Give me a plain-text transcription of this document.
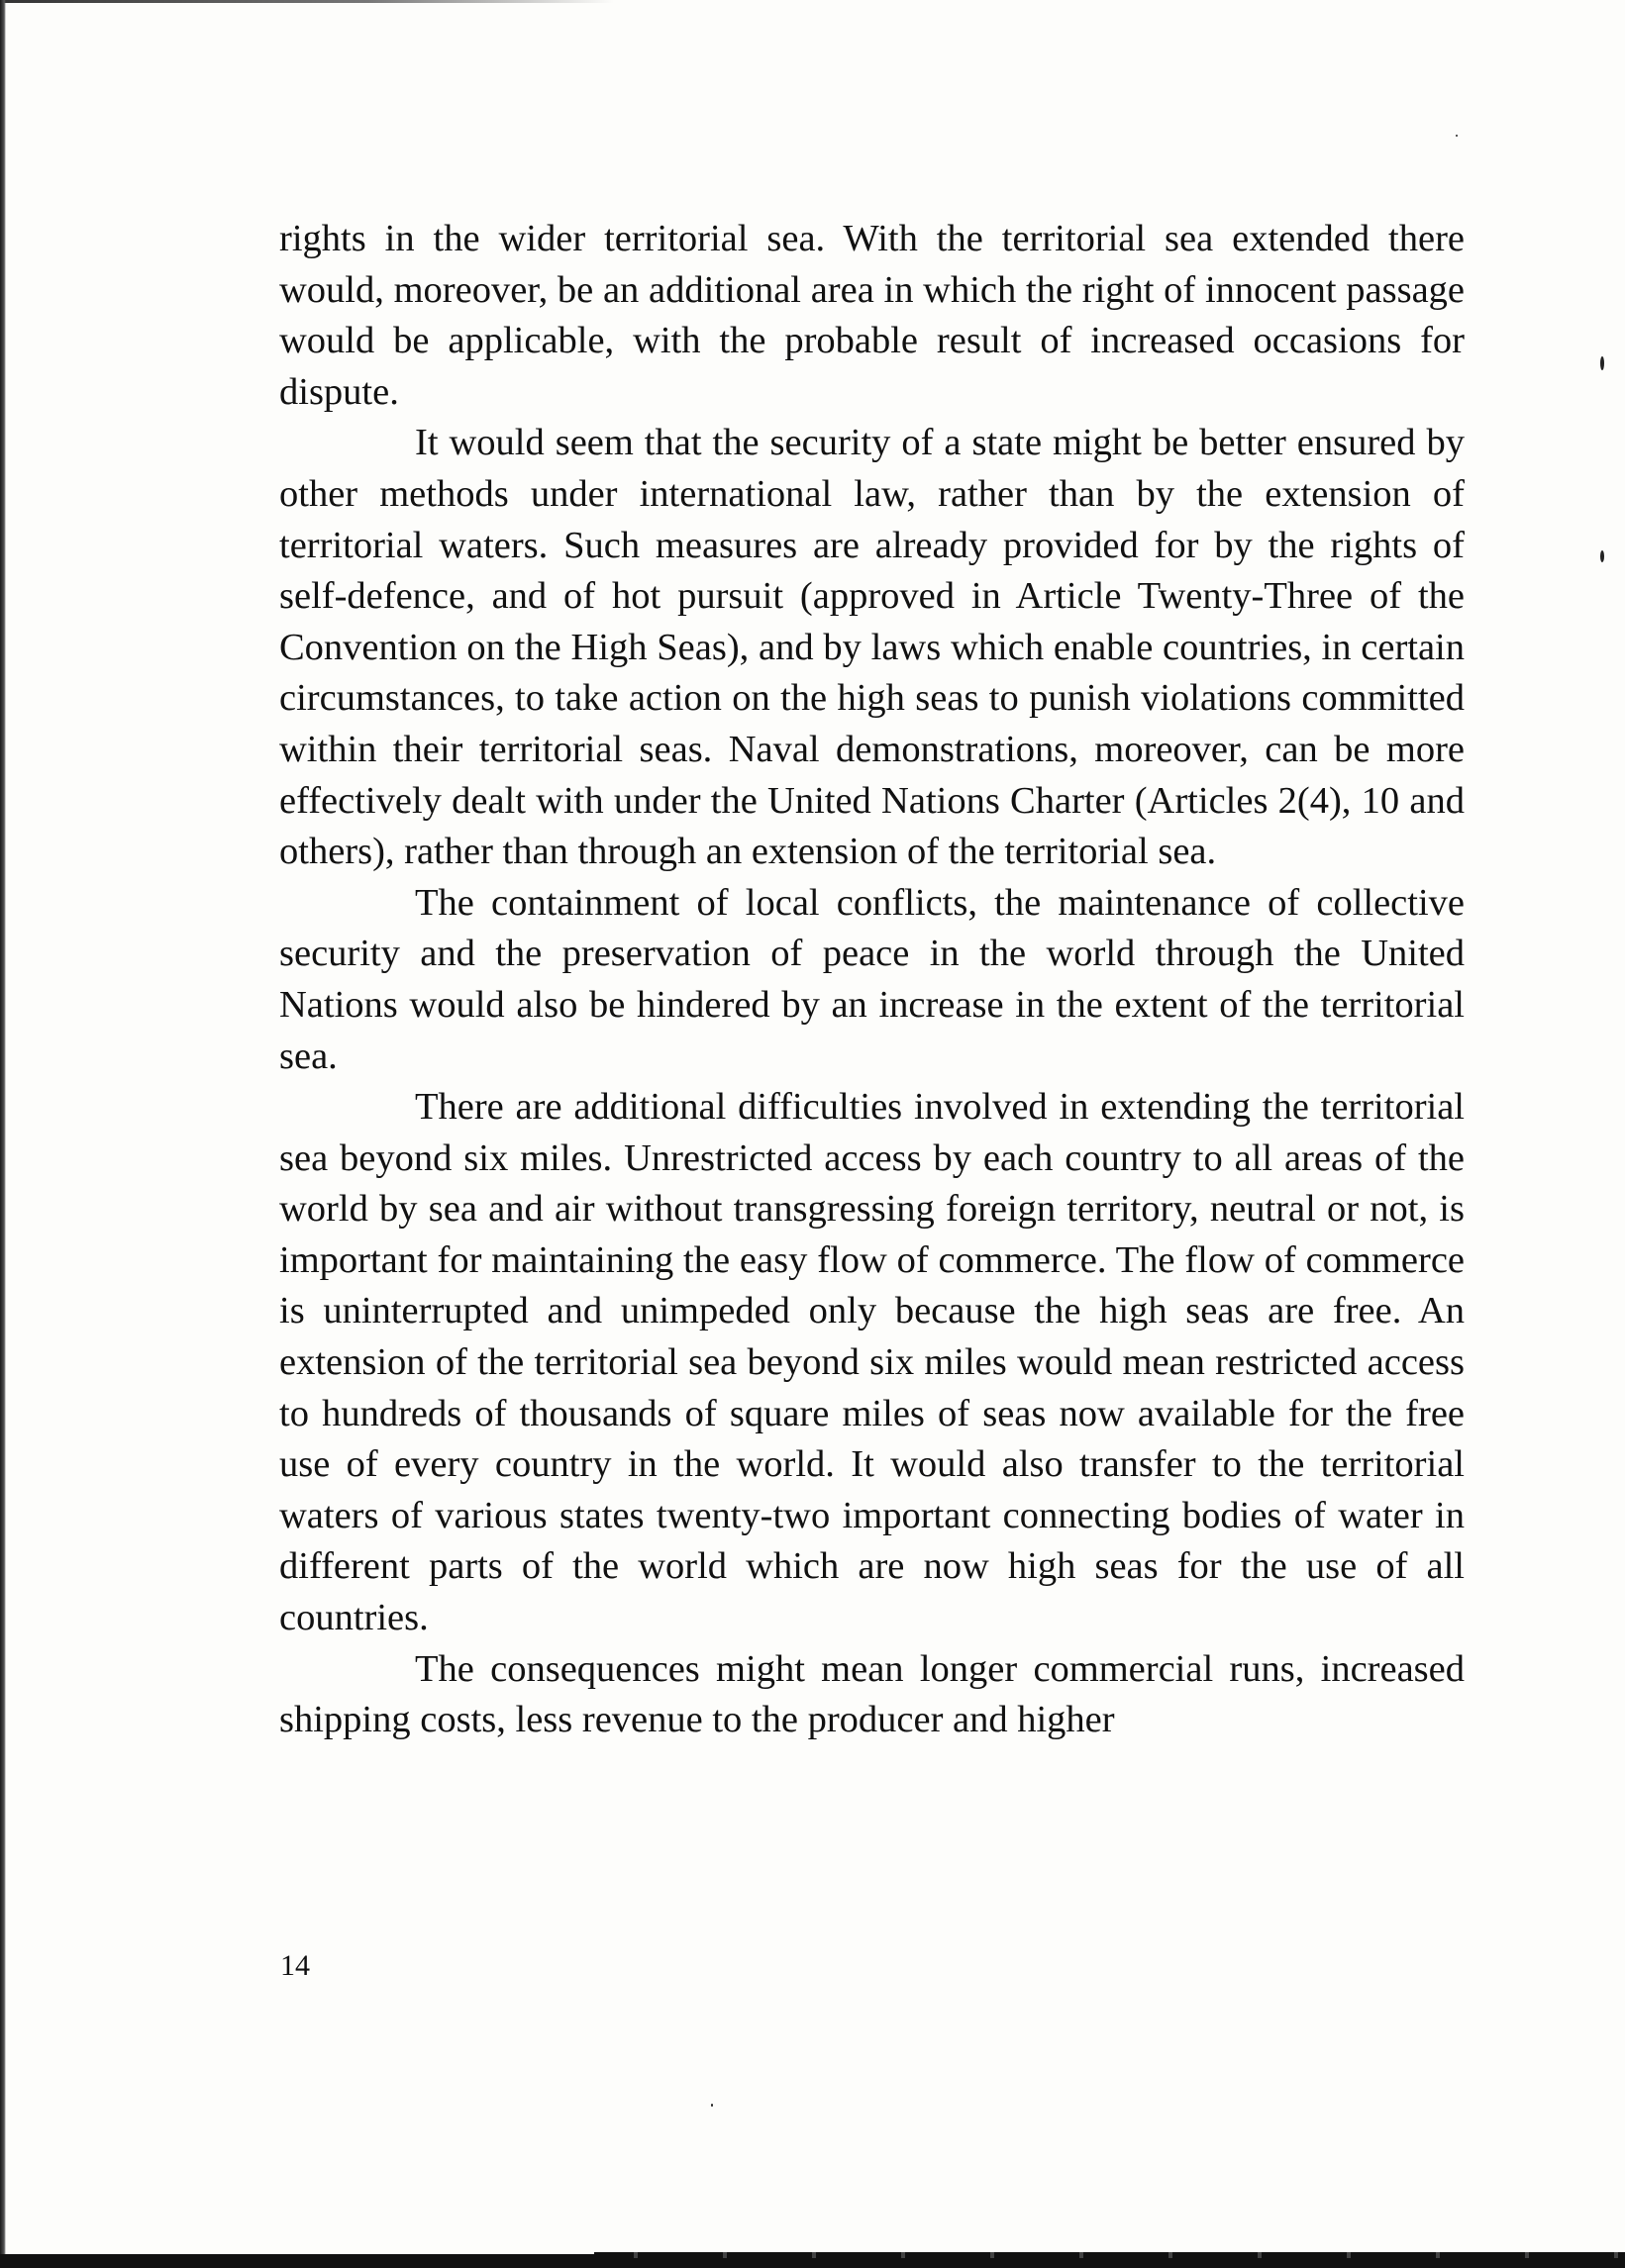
rights in the wider territorial sea. With the territorial sea extended there would, moreover, be an additional area in which the right of innocent passage would be applicable, with the probable result of increased occasions for dispute.

It would seem that the security of a state might be better ensured by other methods under international law, rather than by the extension of territorial waters. Such measures are already provided for by the rights of self-defence, and of hot pursuit (approved in Article Twenty-Three of the Convention on the High Seas), and by laws which enable countries, in certain circumstances, to take action on the high seas to punish violations committed within their territorial seas. Naval demonstrations, moreover, can be more effectively dealt with under the United Nations Charter (Articles 2(4), 10 and others), rather than through an extension of the territorial sea.

The containment of local conflicts, the maintenance of collective security and the preservation of peace in the world through the United Nations would also be hindered by an increase in the extent of the territorial sea.

There are additional difficulties involved in extending the territorial sea beyond six miles. Unrestricted access by each country to all areas of the world by sea and air without transgressing foreign territory, neutral or not, is important for maintaining the easy flow of commerce. The flow of commerce is uninterrupted and unimpeded only because the high seas are free. An extension of the territorial sea beyond six miles would mean restricted access to hundreds of thousands of square miles of seas now available for the free use of every country in the world. It would also transfer to the territorial waters of various states twenty-two important connecting bodies of water in different parts of the world which are now high seas for the use of all countries.

The consequences might mean longer commercial runs, increased shipping costs, less revenue to the producer and higher

14
